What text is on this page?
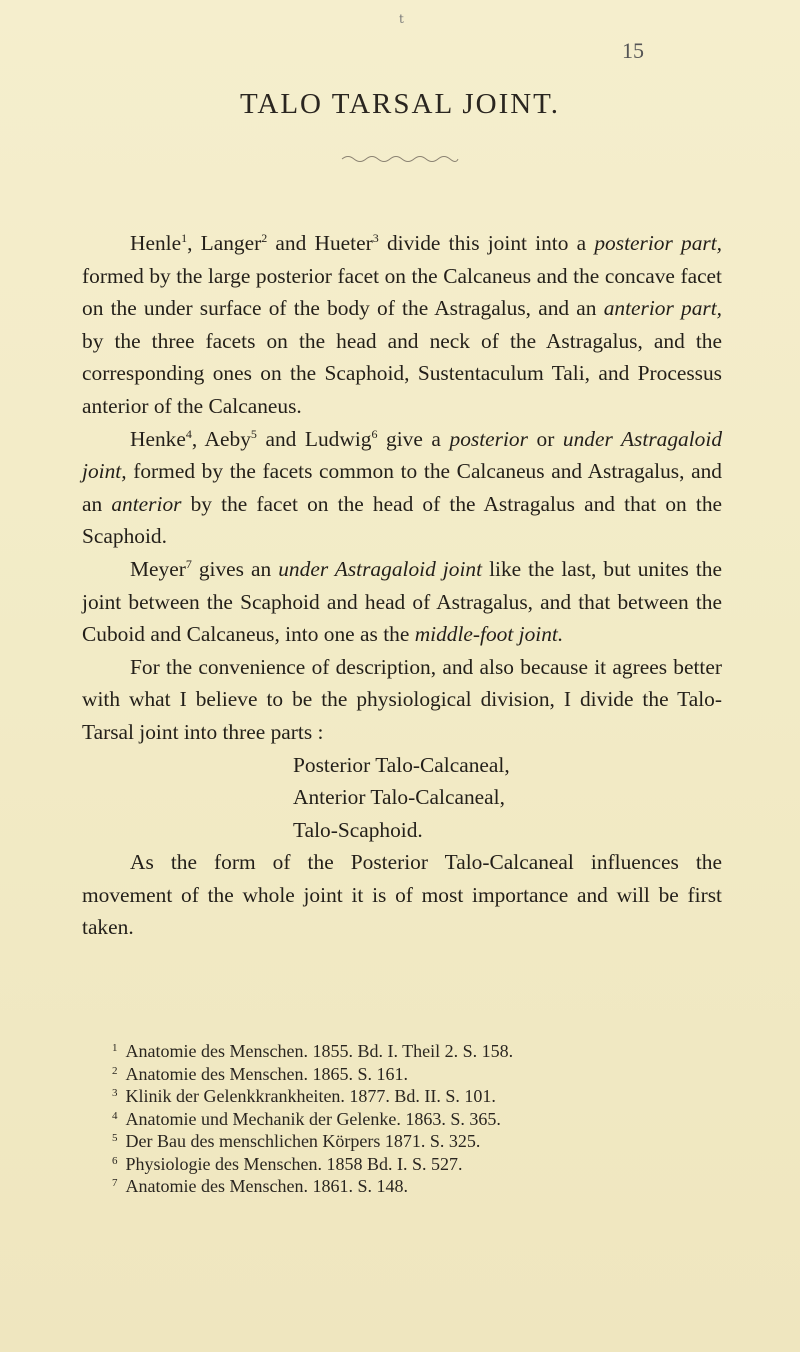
t
15
TALO TARSAL JOINT.

Henle$^1$, Langer$^2$ and Hueter$^3$ divide this joint into a posterior part, formed by the large posterior facet on the Calcaneus and the concave facet on the under surface of the body of the Astragalus, and an anterior part, by the three facets on the head and neck of the Astragalus, and the corresponding ones on the Scaphoid, Sustentaculum Tali, and Processus anterior of the Calcaneus.

Henke$^4$, Aeby$^5$ and Ludwig$^6$ give a posterior or under Astragaloid joint, formed by the facets common to the Calcaneus and Astragalus, and an anterior by the facet on the head of the Astragalus and that on the Scaphoid.

Meyer$^7$ gives an under Astragaloid joint like the last, but unites the joint between the Scaphoid and head of Astragalus, and that between the Cuboid and Calcaneus, into one as the middle-foot joint.

For the convenience of description, and also because it agrees better with what I believe to be the physiological division, I divide the Talo-Tarsal joint into three parts :

Posterior Talo-Calcaneal,
Anterior Talo-Calcaneal,
Talo-Scaphoid.

As the form of the Posterior Talo-Calcaneal influences the movement of the whole joint it is of most importance and will be first taken.

$^1$ Anatomie des Menschen. 1855. Bd. I. Theil 2. S. 158.
$^2$ Anatomie des Menschen. 1865. S. 161.
$^3$ Klinik der Gelenkkrankheiten. 1877. Bd. II. S. 101.
$^4$ Anatomie und Mechanik der Gelenke. 1863. S. 365.
$^5$ Der Bau des menschlichen Körpers 1871. S. 325.
$^6$ Physiologie des Menschen. 1858 Bd. I. S. 527.
$^7$ Anatomie des Menschen. 1861. S. 148.
